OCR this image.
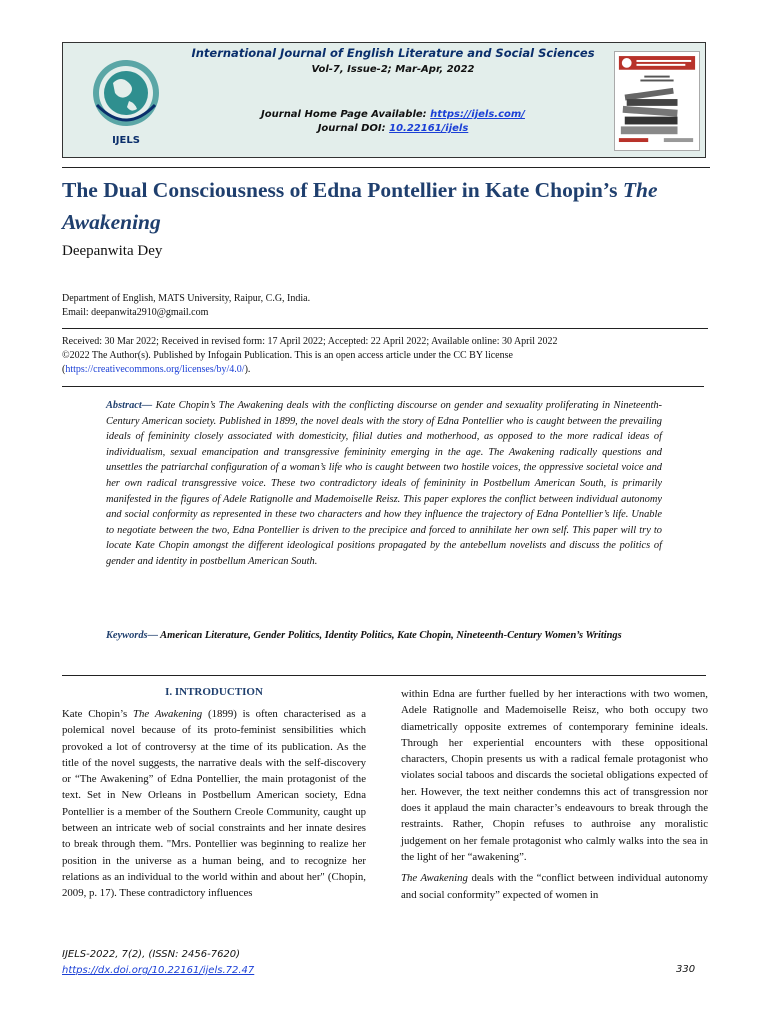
IJELS
International Journal of English Literature and Social Sciences
Vol-7, Issue-2; Mar-Apr, 2022
Journal Home Page Available: https://ijels.com/
Journal DOI: 10.22161/ijels
The Dual Consciousness of Edna Pontellier in Kate Chopin’s The Awakening
Deepanwita Dey
Department of English, MATS University, Raipur, C.G, India.
Email: deepanwita2910@gmail.com
Received: 30 Mar 2022; Received in revised form: 17 April 2022; Accepted: 22 April 2022; Available online: 30 April 2022
©2022 The Author(s). Published by Infogain Publication. This is an open access article under the CC BY license
(https://creativecommons.org/licenses/by/4.0/).
Abstract— Kate Chopin’s The Awakening deals with the conflicting discourse on gender and sexuality proliferating in Nineteenth-Century American society. Published in 1899, the novel deals with the story of Edna Pontellier who is caught between the prevailing ideals of femininity closely associated with domesticity, filial duties and motherhood, as opposed to the more radical ideas of individualism, sexual emancipation and transgressive femininity emerging in the age. The Awakening radically questions and unsettles the patriarchal configuration of a woman’s life who is caught between two hostile voices, the oppressive societal voice and her own radical transgressive voice. These two contradictory ideals of femininity in Postbellum American South, is primarily manifested in the figures of Adele Ratignolle and Mademoiselle Reisz. This paper explores the conflict between individual autonomy and social conformity as represented in these two characters and how they influence the trajectory of Edna Pontellier’s life. Unable to negotiate between the two, Edna Pontellier is driven to the precipice and forced to annihilate her own self. This paper will try to locate Kate Chopin amongst the different ideological positions propagated by the antebellum novelists and discuss the politics of gender and identity in postbellum American South.
Keywords— American Literature, Gender Politics, Identity Politics, Kate Chopin, Nineteenth-Century Women’s Writings
I. INTRODUCTION

Kate Chopin’s The Awakening (1899) is often characterised as a polemical novel because of its proto-feminist sensibilities which provoked a lot of controversy at the time of its publication. As the title of the novel suggests, the narrative deals with the self-discovery or “The Awakening” of Edna Pontellier, the main protagonist of the text. Set in New Orleans in Postbellum American society, Edna Pontellier is a member of the Southern Creole Community, caught up between an intricate web of social constraints and her innate desires to break through them. "Mrs. Pontellier was beginning to realize her position in the universe as a human being, and to recognize her relations as an individual to the world within and about her" (Chopin, 2009, p. 17). These contradictory influences

within Edna are further fuelled by her interactions with two women, Adele Ratignolle and Mademoiselle Reisz, who both occupy two diametrically opposite extremes of contemporary feminine ideals. Through her experiential encounters with these oppositional characters, Chopin presents us with a radical female protagonist who violates social taboos and discards the societal obligations expected of her. However, the text neither condemns this act of transgression nor does it applaud the main character’s endeavours to break through the restraints. Rather, Chopin refuses to authroise any moralistic judgement on her female protagonist who calmly walks into the sea in the light of her “awakening”.

The Awakening deals with the “conflict between individual autonomy and social conformity” expected of women in

IJELS-2022, 7(2), (ISSN: 2456-7620)
https://dx.doi.org/10.22161/ijels.72.47	330
